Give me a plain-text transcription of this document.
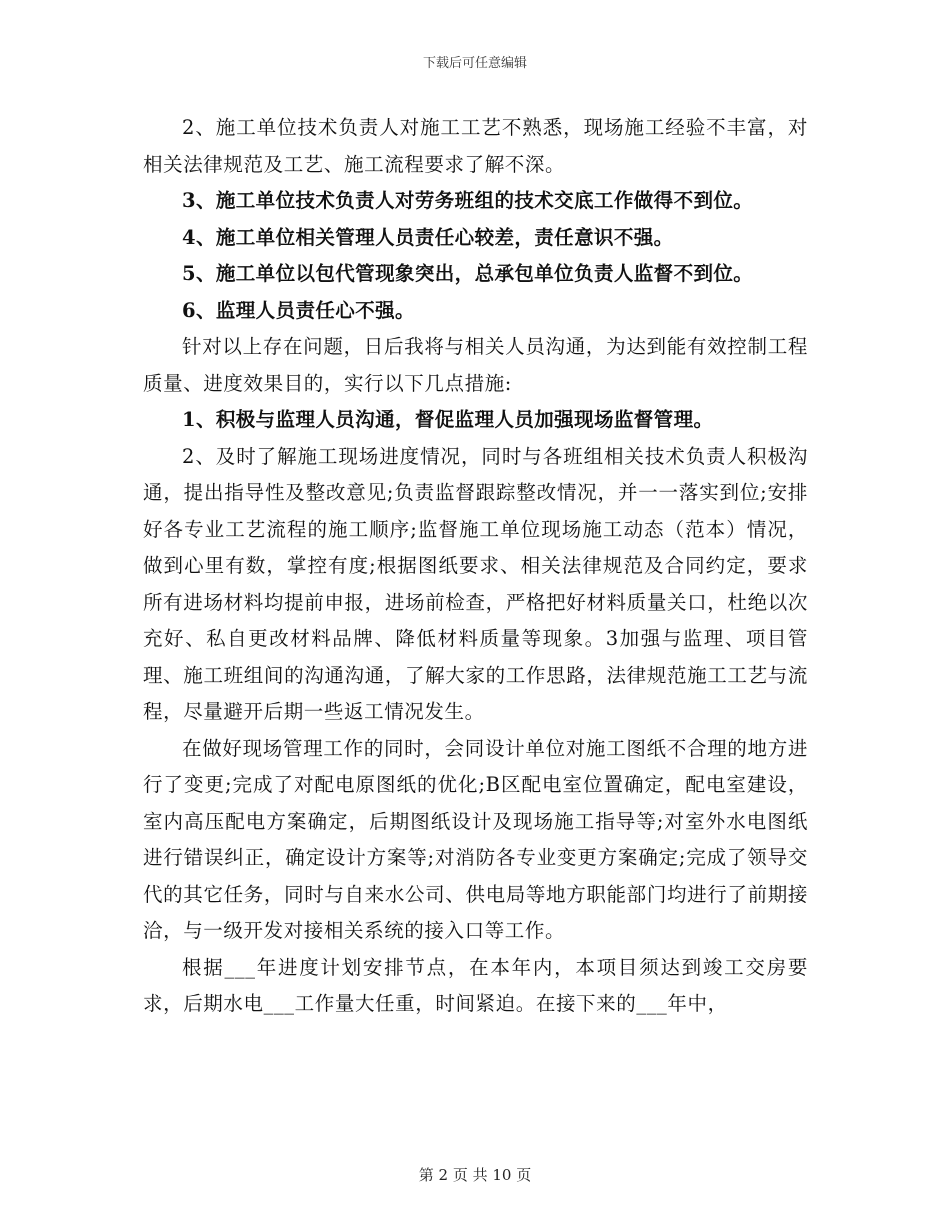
下载后可任意编辑

2、施工单位技术负责人对施工工艺不熟悉，现场施工经验不丰富，对相关法律规范及工艺、施工流程要求了解不深。

3、施工单位技术负责人对劳务班组的技术交底工作做得不到位。

4、施工单位相关管理人员责任心较差，责任意识不强。

5、施工单位以包代管现象突出，总承包单位负责人监督不到位。

6、监理人员责任心不强。

针对以上存在问题，日后我将与相关人员沟通，为达到能有效控制工程质量、进度效果目的，实行以下几点措施:

1、积极与监理人员沟通，督促监理人员加强现场监督管理。

2、及时了解施工现场进度情况，同时与各班组相关技术负责人积极沟通，提出指导性及整改意见;负责监督跟踪整改情况，并一一落实到位;安排好各专业工艺流程的施工顺序;监督施工单位现场施工动态（范本）情况，做到心里有数，掌控有度;根据图纸要求、相关法律规范及合同约定，要求所有进场材料均提前申报，进场前检查，严格把好材料质量关口，杜绝以次充好、私自更改材料品牌、降低材料质量等现象。3加强与监理、项目管理、施工班组间的沟通沟通，了解大家的工作思路，法律规范施工工艺与流程，尽量避开后期一些返工情况发生。

在做好现场管理工作的同时，会同设计单位对施工图纸不合理的地方进行了变更;完成了对配电原图纸的优化;B区配电室位置确定，配电室建设，室内高压配电方案确定，后期图纸设计及现场施工指导等;对室外水电图纸进行错误纠正，确定设计方案等;对消防各专业变更方案确定;完成了领导交代的其它任务，同时与自来水公司、供电局等地方职能部门均进行了前期接洽，与一级开发对接相关系统的接入口等工作。

根据___年进度计划安排节点，在本年内，本项目须达到竣工交房要求，后期水电___工作量大任重，时间紧迫。在接下来的___年中，

第 2 页 共 10 页
